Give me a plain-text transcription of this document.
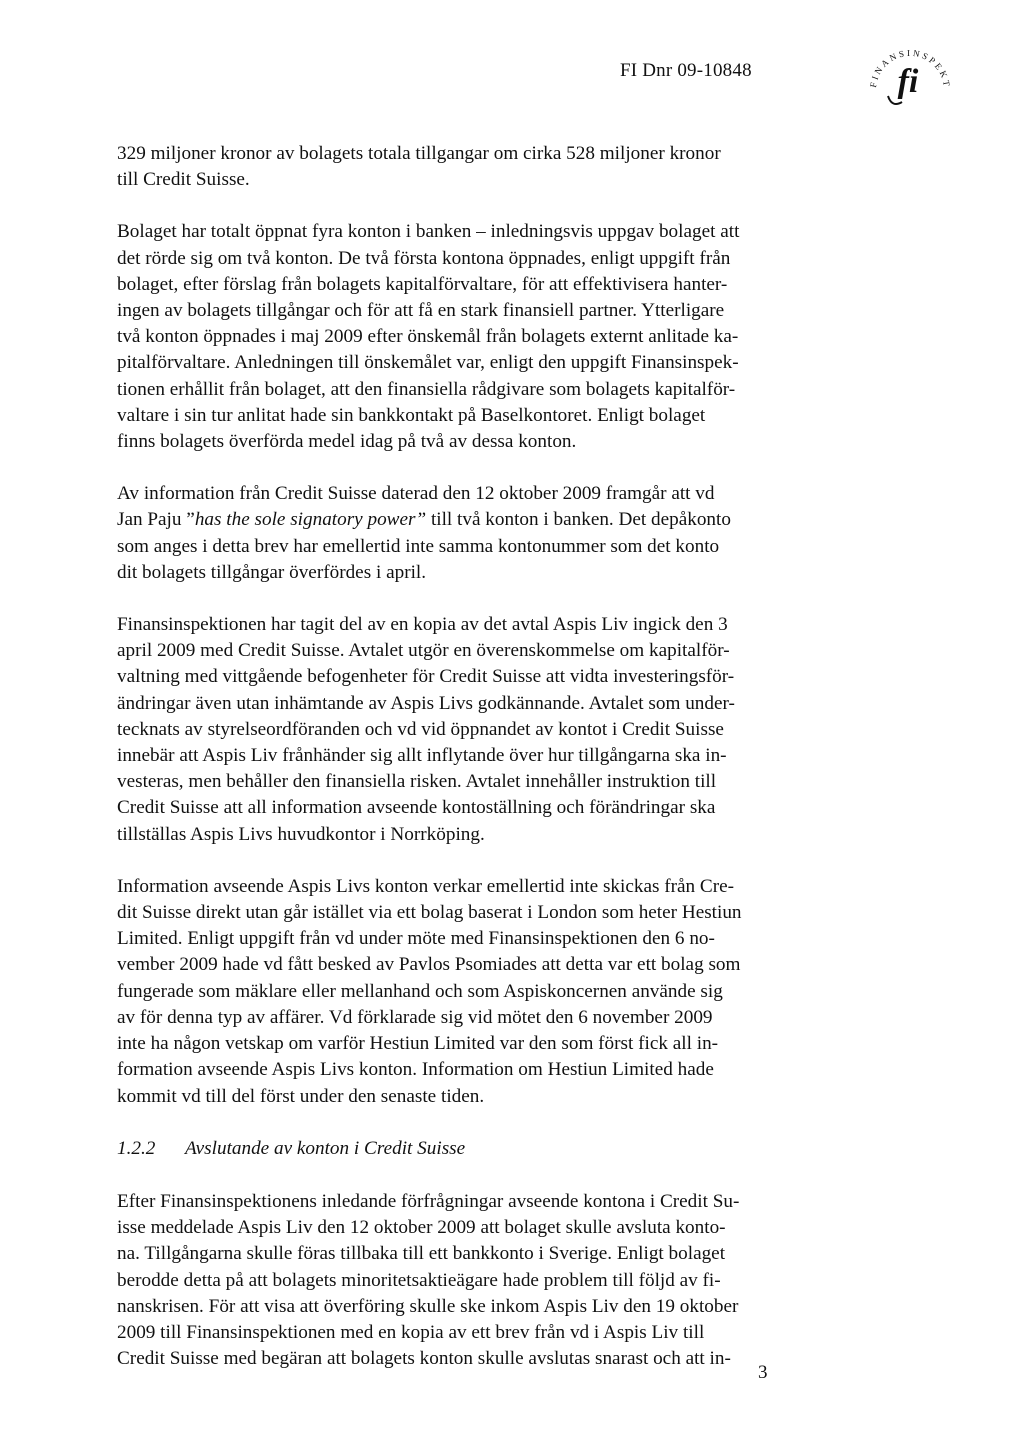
FI Dnr 09-10848
FINANSINSPEKT
fi

329 miljoner kronor av bolagets totala tillgangar om cirka 528 miljoner kronor
till Credit Suisse.

Bolaget har totalt öppnat fyra konton i banken – inledningsvis uppgav bolaget att
det rörde sig om två konton. De två första kontona öppnades, enligt uppgift från
bolaget, efter förslag från bolagets kapitalförvaltare, för att effektivisera hanter-
ingen av bolagets tillgångar och för att få en stark finansiell partner. Ytterligare
två konton öppnades i maj 2009 efter önskemål från bolagets externt anlitade ka-
pitalförvaltare. Anledningen till önskemålet var, enligt den uppgift Finansinspek-
tionen erhållit från bolaget, att den finansiella rådgivare som bolagets kapitalför-
valtare i sin tur anlitat hade sin bankkontakt på Baselkontoret. Enligt bolaget
finns bolagets överförda medel idag på två av dessa konton.

Av information från Credit Suisse daterad den 12 oktober 2009 framgår att vd
Jan Paju ”has the sole signatory power” till två konton i banken. Det depåkonto
som anges i detta brev har emellertid inte samma kontonummer som det konto
dit bolagets tillgångar överfördes i april.

Finansinspektionen har tagit del av en kopia av det avtal Aspis Liv ingick den 3
april 2009 med Credit Suisse. Avtalet utgör en överenskommelse om kapitalför-
valtning med vittgående befogenheter för Credit Suisse att vidta investeringsför-
ändringar även utan inhämtande av Aspis Livs godkännande. Avtalet som under-
tecknats av styrelseordföranden och vd vid öppnandet av kontot i Credit Suisse
innebär att Aspis Liv frånhänder sig allt inflytande över hur tillgångarna ska in-
vesteras, men behåller den finansiella risken. Avtalet innehåller instruktion till
Credit Suisse att all information avseende kontoställning och förändringar ska
tillställas Aspis Livs huvudkontor i Norrköping.

Information avseende Aspis Livs konton verkar emellertid inte skickas från Cre-
dit Suisse direkt utan går istället via ett bolag baserat i London som heter Hestiun
Limited. Enligt uppgift från vd under möte med Finansinspektionen den 6 no-
vember 2009 hade vd fått besked av Pavlos Psomiades att detta var ett bolag som
fungerade som mäklare eller mellanhand och som Aspiskoncernen använde sig
av för denna typ av affärer. Vd förklarade sig vid mötet den 6 november 2009
inte ha någon vetskap om varför Hestiun Limited var den som först fick all in-
formation avseende Aspis Livs konton. Information om Hestiun Limited hade
kommit vd till del först under den senaste tiden.

1.2.2 Avslutande av konton i Credit Suisse

Efter Finansinspektionens inledande förfrågningar avseende kontona i Credit Su-
isse meddelade Aspis Liv den 12 oktober 2009 att bolaget skulle avsluta konto-
na. Tillgångarna skulle föras tillbaka till ett bankkonto i Sverige. Enligt bolaget
berodde detta på att bolagets minoritetsaktieägare hade problem till följd av fi-
nanskrisen. För att visa att överföring skulle ske inkom Aspis Liv den 19 oktober
2009 till Finansinspektionen med en kopia av ett brev från vd i Aspis Liv till
Credit Suisse med begäran att bolagets konton skulle avslutas snarast och att in-

3
